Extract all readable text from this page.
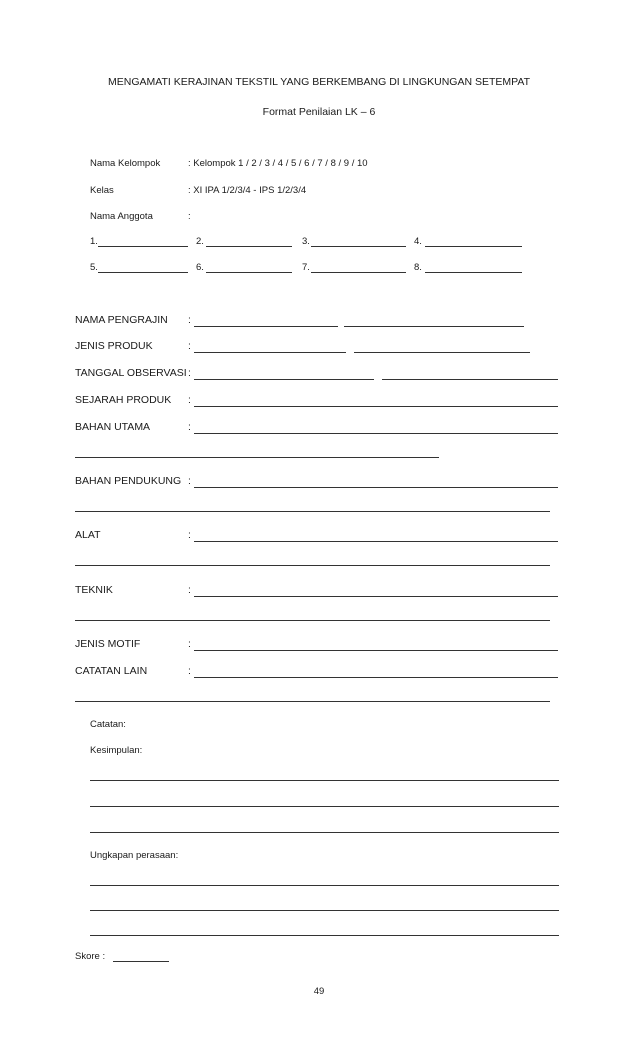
MENGAMATI KERAJINAN TEKSTIL YANG BERKEMBANG DI LINGKUNGAN SETEMPAT
Format Penilaian LK – 6
Nama Kelompok	: Kelompok 1 / 2 / 3 / 4 / 5 / 6 / 7 / 8 / 9 / 10
Kelas	: XI IPA 1/2/3/4 - IPS 1/2/3/4
Nama Anggota	:
1.	2.	3.	4.
5.	6.	7.	8.
NAMA PENGRAJIN :
JENIS PRODUK	:
TANGGAL OBSERVASI :
SEJARAH PRODUK :
BAHAN UTAMA	:
BAHAN PENDUKUNG :
ALAT	:
TEKNIK	:
JENIS MOTIF	:
CATATAN LAIN	:
Catatan:
Kesimpulan:
Ungkapan perasaan:
Skore :
49
